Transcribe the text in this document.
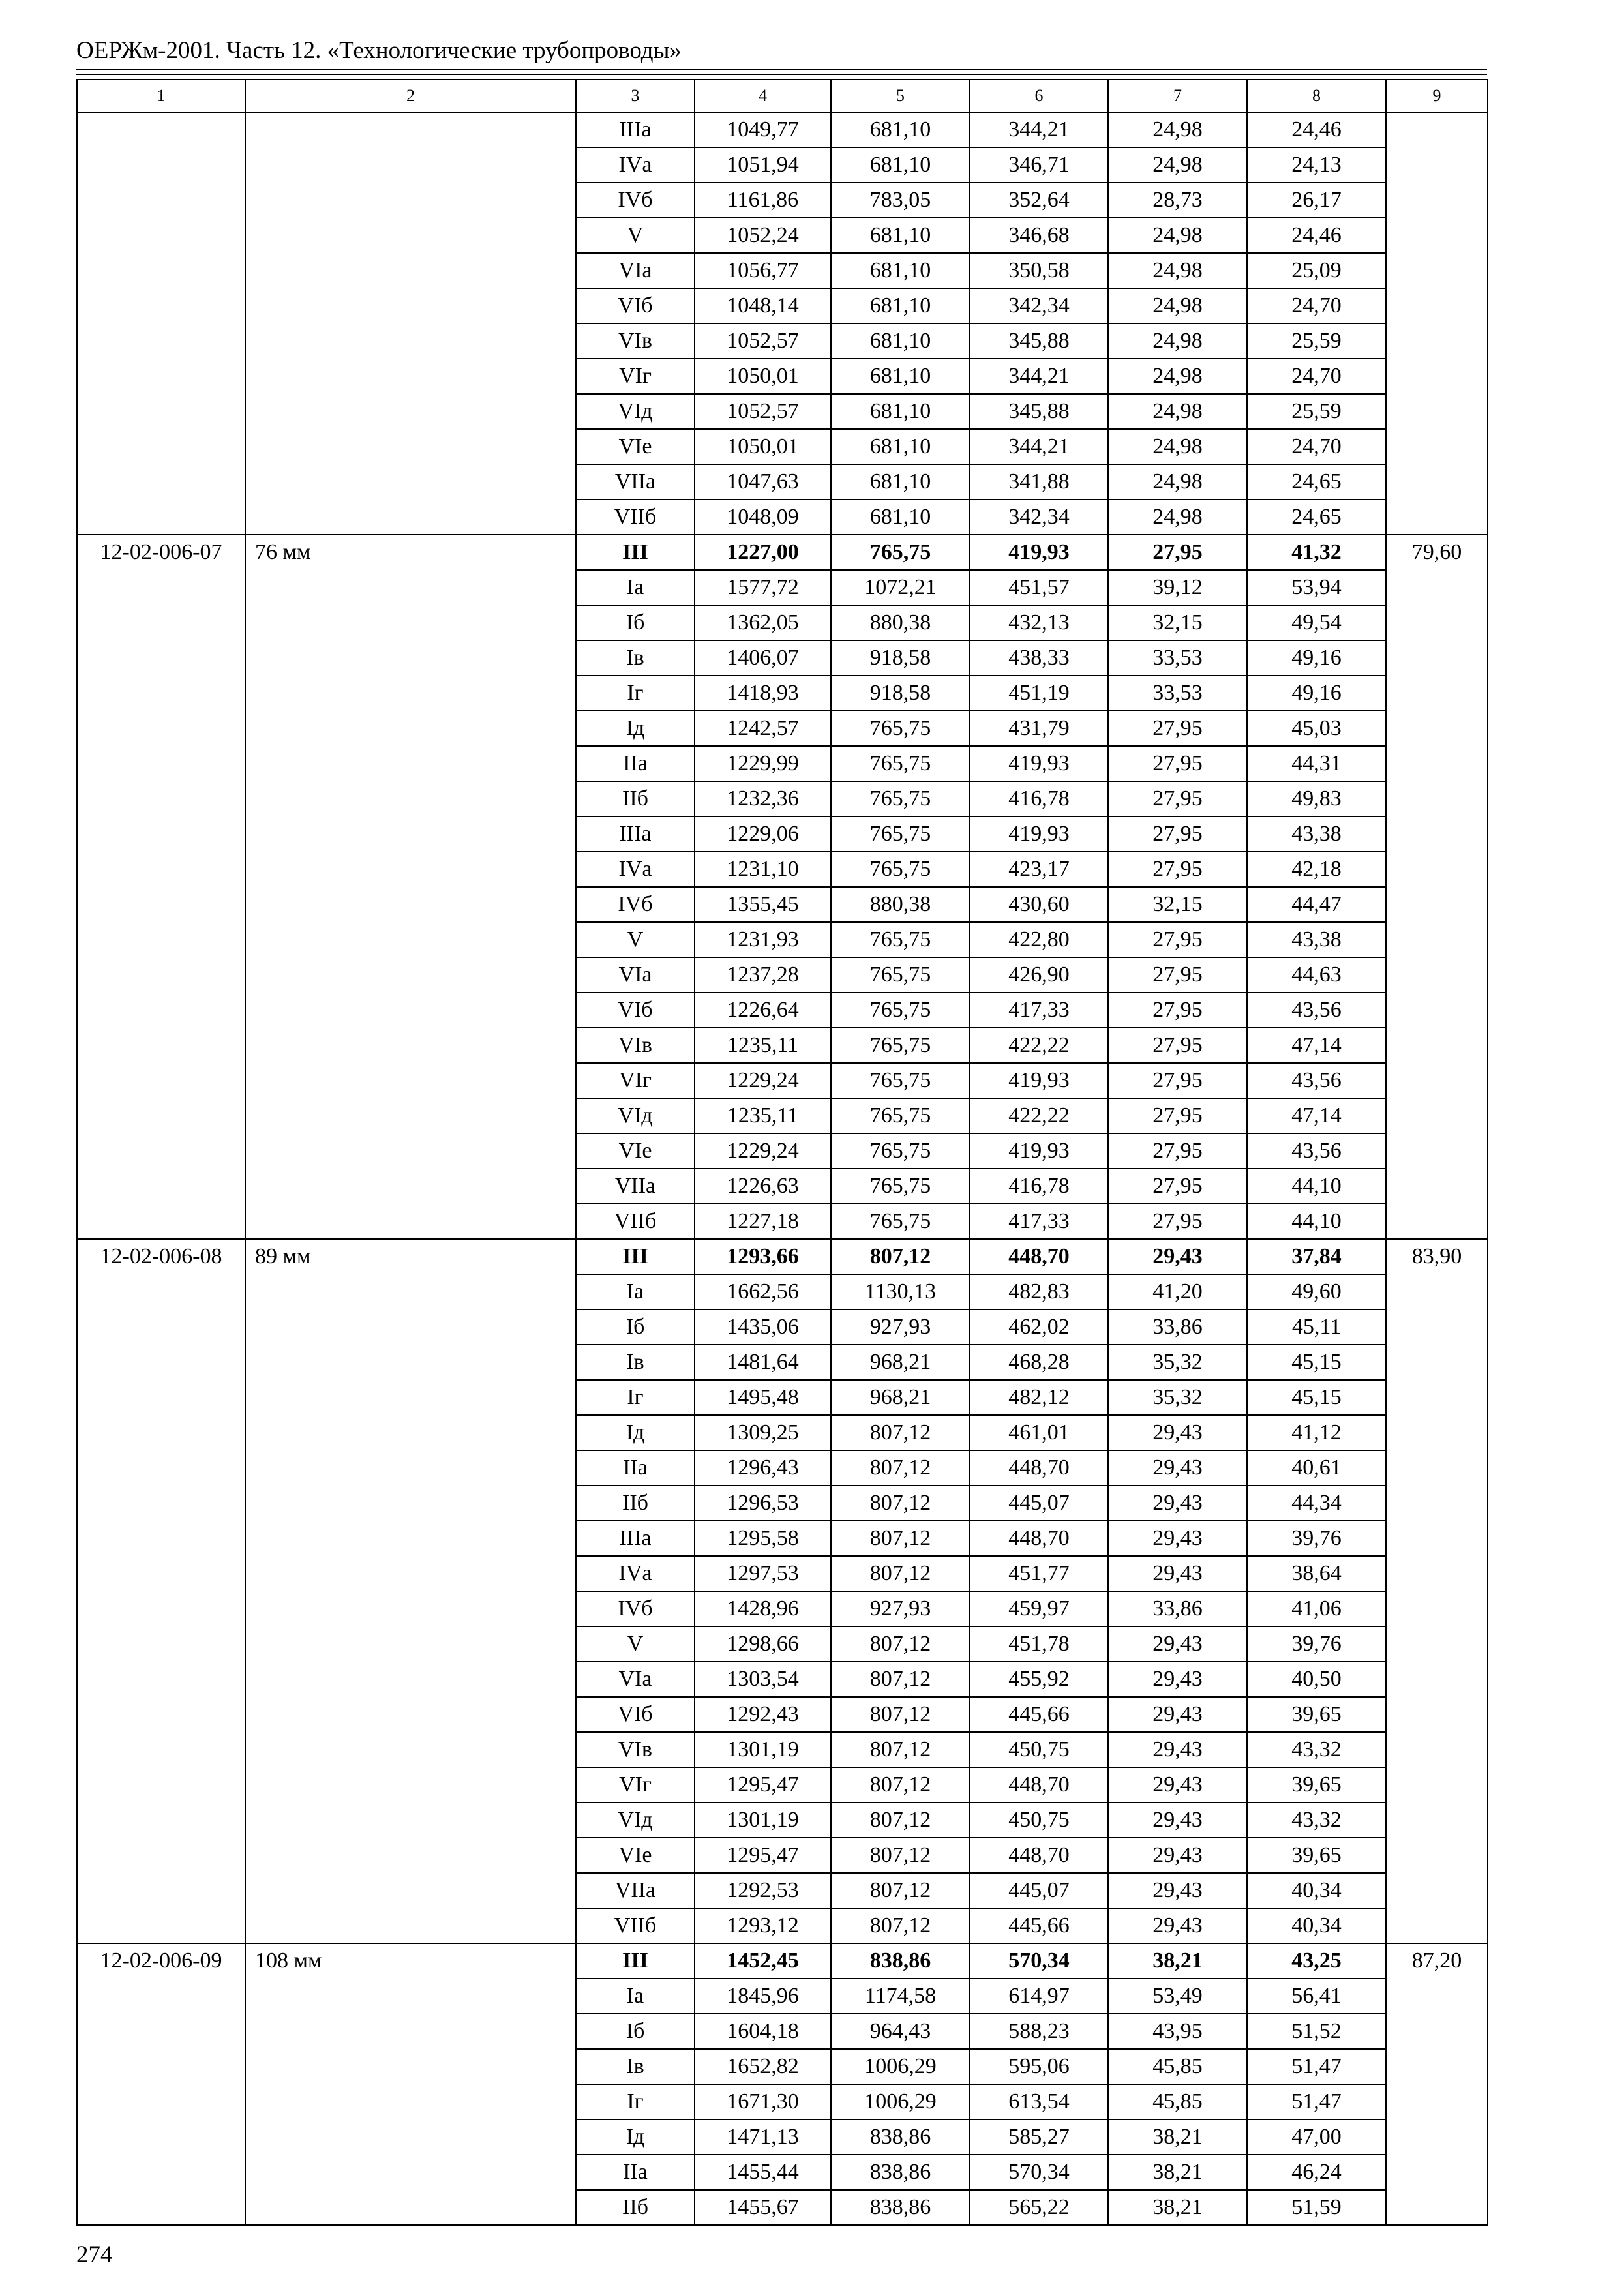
ОЕРЖм-2001. Часть 12. «Технологические трубопроводы»
1	2	3	4	5	6	7	8	9
		IIIа	1049,77	681,10	344,21	24,98	24,46	
		IVа	1051,94	681,10	346,71	24,98	24,13	
		IVб	1161,86	783,05	352,64	28,73	26,17	
		V	1052,24	681,10	346,68	24,98	24,46	
		VIа	1056,77	681,10	350,58	24,98	25,09	
		VIб	1048,14	681,10	342,34	24,98	24,70	
		VIв	1052,57	681,10	345,88	24,98	25,59	
		VIг	1050,01	681,10	344,21	24,98	24,70	
		VIд	1052,57	681,10	345,88	24,98	25,59	
		VIе	1050,01	681,10	344,21	24,98	24,70	
		VIIа	1047,63	681,10	341,88	24,98	24,65	
		VIIб	1048,09	681,10	342,34	24,98	24,65	
12-02-006-07	76 мм	III	1227,00	765,75	419,93	27,95	41,32	79,60
		Iа	1577,72	1072,21	451,57	39,12	53,94	
		Iб	1362,05	880,38	432,13	32,15	49,54	
		Iв	1406,07	918,58	438,33	33,53	49,16	
		Iг	1418,93	918,58	451,19	33,53	49,16	
		Iд	1242,57	765,75	431,79	27,95	45,03	
		IIа	1229,99	765,75	419,93	27,95	44,31	
		IIб	1232,36	765,75	416,78	27,95	49,83	
		IIIа	1229,06	765,75	419,93	27,95	43,38	
		IVа	1231,10	765,75	423,17	27,95	42,18	
		IVб	1355,45	880,38	430,60	32,15	44,47	
		V	1231,93	765,75	422,80	27,95	43,38	
		VIа	1237,28	765,75	426,90	27,95	44,63	
		VIб	1226,64	765,75	417,33	27,95	43,56	
		VIв	1235,11	765,75	422,22	27,95	47,14	
		VIг	1229,24	765,75	419,93	27,95	43,56	
		VIд	1235,11	765,75	422,22	27,95	47,14	
		VIе	1229,24	765,75	419,93	27,95	43,56	
		VIIа	1226,63	765,75	416,78	27,95	44,10	
		VIIб	1227,18	765,75	417,33	27,95	44,10	
12-02-006-08	89 мм	III	1293,66	807,12	448,70	29,43	37,84	83,90
		Iа	1662,56	1130,13	482,83	41,20	49,60	
		Iб	1435,06	927,93	462,02	33,86	45,11	
		Iв	1481,64	968,21	468,28	35,32	45,15	
		Iг	1495,48	968,21	482,12	35,32	45,15	
		Iд	1309,25	807,12	461,01	29,43	41,12	
		IIа	1296,43	807,12	448,70	29,43	40,61	
		IIб	1296,53	807,12	445,07	29,43	44,34	
		IIIа	1295,58	807,12	448,70	29,43	39,76	
		IVа	1297,53	807,12	451,77	29,43	38,64	
		IVб	1428,96	927,93	459,97	33,86	41,06	
		V	1298,66	807,12	451,78	29,43	39,76	
		VIа	1303,54	807,12	455,92	29,43	40,50	
		VIб	1292,43	807,12	445,66	29,43	39,65	
		VIв	1301,19	807,12	450,75	29,43	43,32	
		VIг	1295,47	807,12	448,70	29,43	39,65	
		VIд	1301,19	807,12	450,75	29,43	43,32	
		VIе	1295,47	807,12	448,70	29,43	39,65	
		VIIа	1292,53	807,12	445,07	29,43	40,34	
		VIIб	1293,12	807,12	445,66	29,43	40,34	
12-02-006-09	108 мм	III	1452,45	838,86	570,34	38,21	43,25	87,20
		Iа	1845,96	1174,58	614,97	53,49	56,41	
		Iб	1604,18	964,43	588,23	43,95	51,52	
		Iв	1652,82	1006,29	595,06	45,85	51,47	
		Iг	1671,30	1006,29	613,54	45,85	51,47	
		Iд	1471,13	838,86	585,27	38,21	47,00	
		IIа	1455,44	838,86	570,34	38,21	46,24	
		IIб	1455,67	838,86	565,22	38,21	51,59	
274
